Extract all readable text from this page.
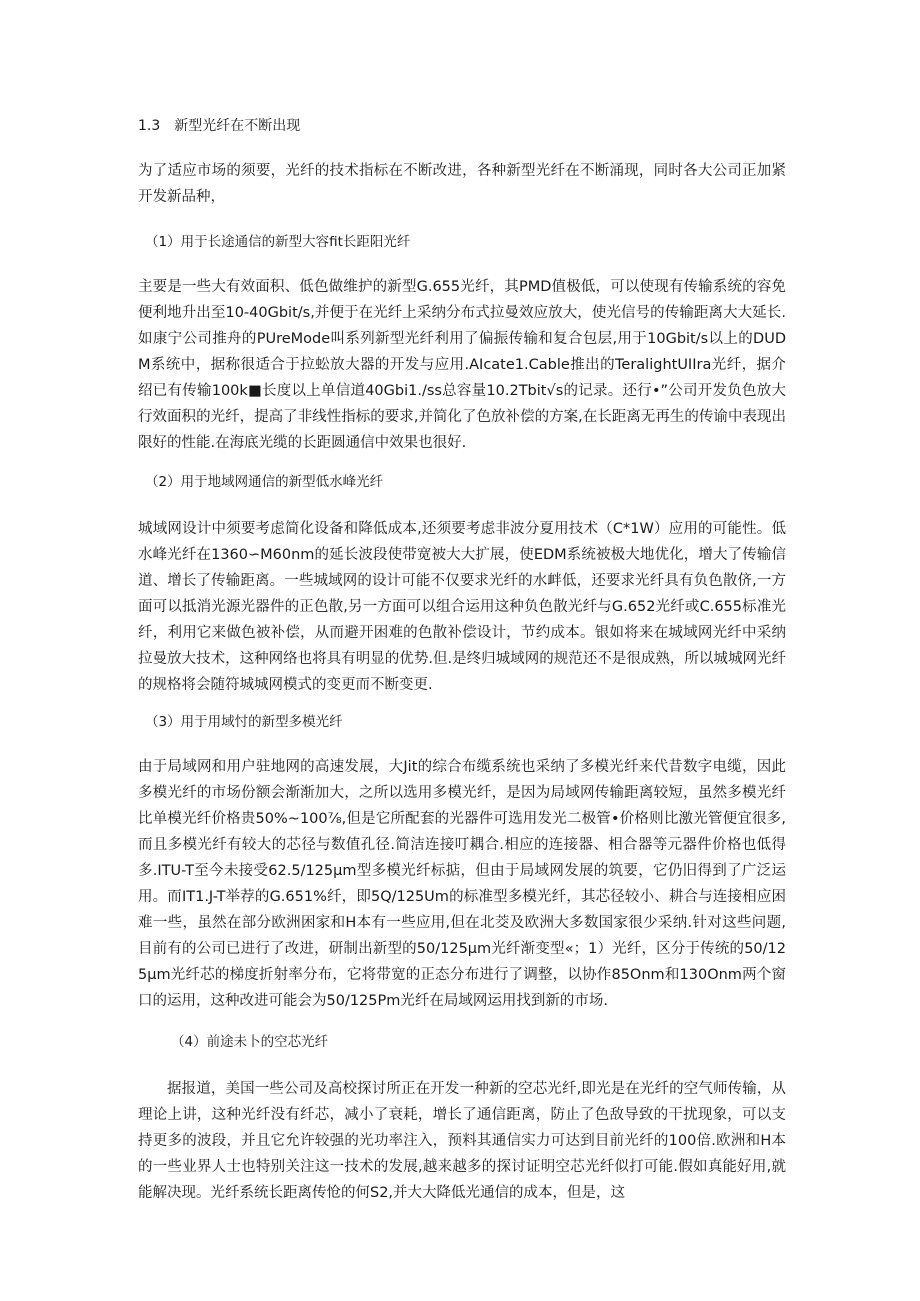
1.3　新型光纤在不断出现

为了适应市场的须要，光纤的技术指标在不断改进，各种新型光纤在不断涌现，同时各大公司正加紧开发新品种，

（1）用于长途通信的新型大容fit长距阳光纤

主要是一些大有效面积、低色做维护的新型G.655光纤，其PMD值极低，可以使现有传输系统的容免便利地升出至10-40Gbit∕s,并便于在光纤上采纳分布式拉曼效应放大，使光信号的传输距离大大延长.如康宁公司推舟的PUreMode叫系列新型光纤利用了偏振传输和复合包层,用于10Gbit/s以上的DUDM系统中，据称很适合于拉蚣放大器的开发与应用.AIcate1.Cable推出的TeralightUIIra光纤，据介绍已有传输100k■长度以上单信道40Gbi1./ss总容量10.2Tbit√s的记录。还行•”公司开发负色放大行效面积的光纤，提高了非线性指标的要求,并简化了色放补偿的方案,在长距离无再生的传谕中表现出限好的性能.在海底光缆的长距圆通信中效果也很好.

（2）用于地域网通信的新型低水峰光纤

城域网设计中须要考虑简化设备和降低成本,还须要考虑非波分夏用技术（C*1W）应用的可能性。低水峰光纤在1360∽M60nm的延长波段使带宽被大大扩展，使EDM系统被极大地优化，增大了传输信道、增长了传输距离。一些城域网的设计可能不仅要求光纤的水衅低，还要求光纤具有负色散侪,一方面可以抵消光源光器件的正色散,另一方面可以组合运用这种负色散光纤与G.652光纤或C.655标准光纤，利用它来做色被补偿，从而避开困难的色散补偿设计，节约成本。银如将来在城域网光纤中采纳拉曼放大技术，这种网络也将具有明显的优势.但.是终归城域网的规范还不是很成熟，所以城城网光纤的规格将会随符城城网模式的变更而不断变更.

（3）用于用域忖的新型多模光纤

由于局域网和用户驻地网的高速发展，大Jit的综合布缆系统也采纳了多模光纤来代昔数字电缆，因此多模光纤的市场份额会渐渐加大，之所以选用多模光纤，是因为局域网传输距离较短，虽然多模光纤比单模光纤价格贵50%~100⅞,但是它所配套的光器件可选用发光二极管•价格则比激光管便宜很多,而且多模光纤有较大的芯径与数值孔径.简洁连接叮耦合.相应的连接器、相合器等元器件价格也低得多.ITU-T至今未接受62.5/125μm型多模光纤标掂，但由于局域网发展的筑要，它仍旧得到了广泛运用。而IT1.J-T举荐的G.651%纤，即5Q∕125Um的标准型多模光纤，其芯径较小、耕合与连接相应困难一些，虽然在部分欧洲困家和H本有一些应用,但在北茭及欧洲大多数国家很少采纳.针对这些问题,目前有的公司已进行了改进，研制出新型的50/125μm光纤渐变型«；1）光纤，区分于传统的50/125μm光纤芯的梯度折射率分布，它将带宽的正态分布进行了调整，以协作85Onm和130Onm两个窗口的运用，这种改进可能会为50/125Pm光纤在局域网运用找到新的市场.

（4）前途未卜的空芯光纤

据报道，美国一些公司及高校探讨所正在开发一种新的空芯光纤,即光是在光纤的空气师传输，从理论上讲，这种光纤没有纤芯，减小了衰耗，增长了通信距离，防止了色敌导致的干扰现象，可以支持更多的波段，并且它允许较强的光功率注入，预料其通信实力可达到目前光纤的100倍.欧洲和H本的一些业界人士也特别关注这一技术的发展,越来越多的探讨证明空芯光纤似打可能.假如真能好用,就能解决现。光纤系统长距离传怆的何S2,并大大降低光通信的成本，但是，这
